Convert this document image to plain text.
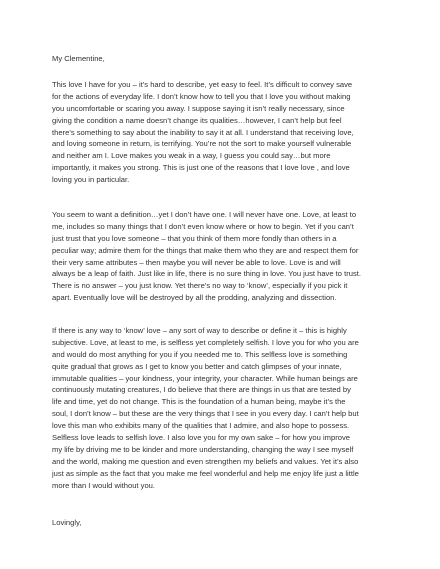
My Clementine,
This love I have for you – it’s hard to describe, yet easy to feel. It’s difficult to convey save
for the actions of everyday life. I don’t know how to tell you that I love you without making
you uncomfortable or scaring you away. I suppose saying it isn’t really necessary, since
giving the condition a name doesn’t change its qualities…however, I can’t help but feel
there’s something to say about the inability to say it at all. I understand that receiving love,
and loving someone in return, is terrifying. You’re not the sort to make yourself vulnerable
and neither am I. Love makes you weak in a way, I guess you could say…but more
importantly, it makes you strong. This is just one of the reasons that I love love , and love
loving you in particular.
You seem to want a definition…yet I don’t have one. I will never have one. Love, at least to
me, includes so many things that I don’t even know where or how to begin. Yet if you can’t
just trust that you love someone – that you think of them more fondly than others in a
peculiar way; admire them for the things that make them who they are and respect them for
their very same attributes – then maybe you will never be able to love. Love is and will
always be a leap of faith. Just like in life, there is no sure thing in love. You just have to trust.
There is no answer – you just know. Yet there’s no way to ‘know’, especially if you pick it
apart. Eventually love will be destroyed by all the prodding, analyzing and dissection.
If there is any way to ‘know’ love – any sort of way to describe or define it – this is highly
subjective. Love, at least to me, is selfless yet completely selfish. I love you for who you are
and would do most anything for you if you needed me to. This selfless love is something
quite gradual that grows as I get to know you better and catch glimpses of your innate,
immutable qualities – your kindness, your integrity, your character. While human beings are
continuously mutating creatures, I do believe that there are things in us that are tested by
life and time, yet do not change. This is the foundation of a human being, maybe it’s the
soul, I don’t know – but these are the very things that I see in you every day. I can’t help but
love this man who exhibits many of the qualities that I admire, and also hope to possess.
Selfless love leads to selfish love. I also love you for my own sake – for how you improve
my life by driving me to be kinder and more understanding, changing the way I see myself
and the world, making me question and even strengthen my beliefs and values. Yet it’s also
just as simple as the fact that you make me feel wonderful and help me enjoy life just a little
more than I would without you.
Lovingly,
